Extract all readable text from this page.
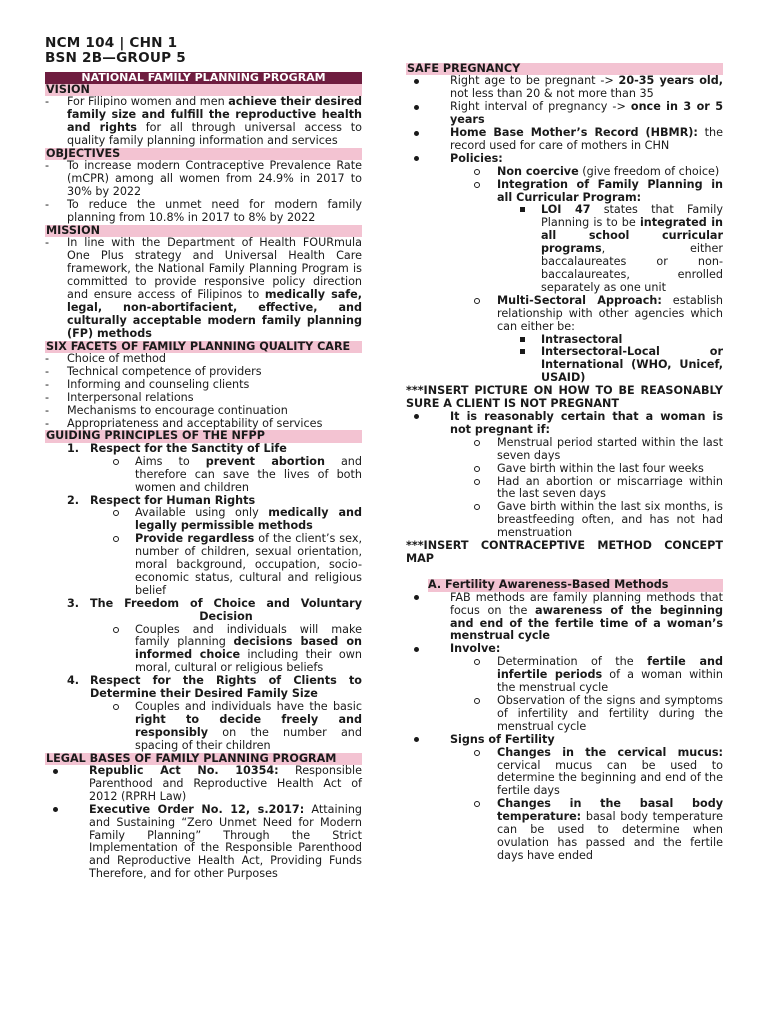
NCM 104 | CHN 1
BSN 2B—GROUP 5
NATIONAL FAMILY PLANNING PROGRAM
VISION
-	For Filipino women and men achieve their desired family size and fulfill the reproductive health and rights for all through universal access to quality family planning information and services
OBJECTIVES
-	To increase modern Contraceptive Prevalence Rate (mCPR) among all women from 24.9% in 2017 to 30% by 2022
-	To reduce the unmet need for modern family planning from 10.8% in 2017 to 8% by 2022
MISSION
-	In line with the Department of Health FOURmula One Plus strategy and Universal Health Care framework, the National Family Planning Program is committed to provide responsive policy direction and ensure access of Filipinos to medically safe, legal, non-abortifacient, effective, and culturally acceptable modern family planning (FP) methods
SIX FACETS OF FAMILY PLANNING QUALITY CARE
-	Choice of method
-	Technical competence of providers
-	Informing and counseling clients
-	Interpersonal relations
-	Mechanisms to encourage continuation
-	Appropriateness and acceptability of services
GUIDING PRINCIPLES OF THE NFPP
1. Respect for the Sanctity of Life
Aims to prevent abortion and therefore can save the lives of both women and children
2. Respect for Human Rights
Available using only medically and legally permissible methods
Provide regardless of the client’s sex, number of children, sexual orientation, moral background, occupation, socio-economic status, cultural and religious belief
3. The Freedom of Choice and Voluntary Decision
Couples and individuals will make family planning decisions based on informed choice including their own moral, cultural or religious beliefs
4. Respect for the Rights of Clients to Determine their Desired Family Size
Couples and individuals have the basic right to decide freely and responsibly on the number and spacing of their children
LEGAL BASES OF FAMILY PLANNING PROGRAM
Republic Act No. 10354: Responsible Parenthood and Reproductive Health Act of 2012 (RPRH Law)
Executive Order No. 12, s.2017: Attaining and Sustaining “Zero Unmet Need for Modern Family Planning” Through the Strict Implementation of the Responsible Parenthood and Reproductive Health Act, Providing Funds Therefore, and for other Purposes
SAFE PREGNANCY
Right age to be pregnant -> 20-35 years old, not less than 20 & not more than 35
Right interval of pregnancy -> once in 3 or 5 years
Home Base Mother’s Record (HBMR): the record used for care of mothers in CHN
Policies:
Non coercive (give freedom of choice)
Integration of Family Planning in all Curricular Program:
LOI 47 states that Family Planning is to be integrated in all school curricular programs, either baccalaureates or non-baccalaureates, enrolled separately as one unit
Multi-Sectoral Approach: establish relationship with other agencies which can either be:
Intrasectoral
Intersectoral-Local or International (WHO, Unicef, USAID)
***INSERT PICTURE ON HOW TO BE REASONABLY SURE A CLIENT IS NOT PREGNANT
It is reasonably certain that a woman is not pregnant if:
Menstrual period started within the last seven days
Gave birth within the last four weeks
Had an abortion or miscarriage within the last seven days
Gave birth within the last six months, is breastfeeding often, and has not had menstruation
***INSERT CONTRACEPTIVE METHOD CONCEPT MAP
A. Fertility Awareness-Based Methods
FAB methods are family planning methods that focus on the awareness of the beginning and end of the fertile time of a woman’s menstrual cycle
Involve:
Determination of the fertile and infertile periods of a woman within the menstrual cycle
Observation of the signs and symptoms of infertility and fertility during the menstrual cycle
Signs of Fertility
Changes in the cervical mucus: cervical mucus can be used to determine the beginning and end of the fertile days
Changes in the basal body temperature: basal body temperature can be used to determine when ovulation has passed and the fertile days have ended
